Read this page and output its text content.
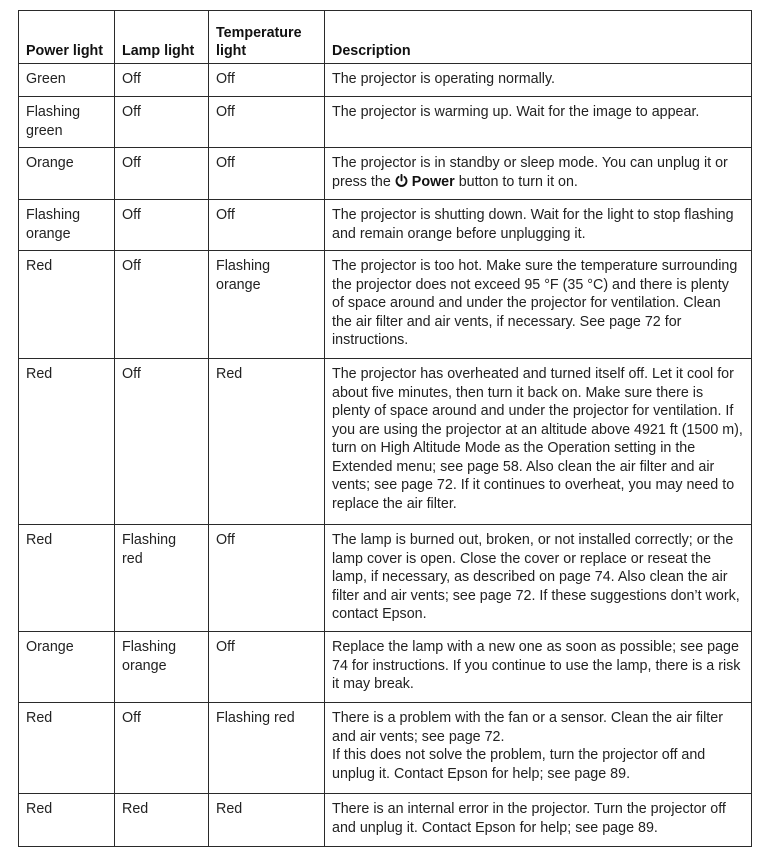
Power light	Lamp light	Temperature light	Description
Green	Off	Off	The projector is operating normally.
Flashing green	Off	Off	The projector is warming up. Wait for the image to appear.
Orange	Off	Off	The projector is in standby or sleep mode. You can unplug it or press the Power button to turn it on.
Flashing orange	Off	Off	The projector is shutting down. Wait for the light to stop flashing and remain orange before unplugging it.
Red	Off	Flashing orange	The projector is too hot. Make sure the temperature surrounding the projector does not exceed 95 °F (35 °C) and there is plenty of space around and under the projector for ventilation. Clean the air filter and air vents, if necessary. See page 72 for instructions.
Red	Off	Red	The projector has overheated and turned itself off. Let it cool for about five minutes, then turn it back on. Make sure there is plenty of space around and under the projector for ventilation. If you are using the projector at an altitude above 4921 ft (1500 m), turn on High Altitude Mode as the Operation setting in the Extended menu; see page 58. Also clean the air filter and air vents; see page 72. If it continues to overheat, you may need to replace the air filter.
Red	Flashing red	Off	The lamp is burned out, broken, or not installed correctly; or the lamp cover is open. Close the cover or replace or reseat the lamp, if necessary, as described on page 74. Also clean the air filter and air vents; see page 72. If these suggestions don’t work, contact Epson.
Orange	Flashing orange	Off	Replace the lamp with a new one as soon as possible; see page 74 for instructions. If you continue to use the lamp, there is a risk it may break.
Red	Off	Flashing red	There is a problem with the fan or a sensor. Clean the air filter and air vents; see page 72.
If this does not solve the problem, turn the projector off and unplug it. Contact Epson for help; see page 89.

Red	Red	Red	There is an internal error in the projector. Turn the projector off and unplug it. Contact Epson for help; see page 89.
